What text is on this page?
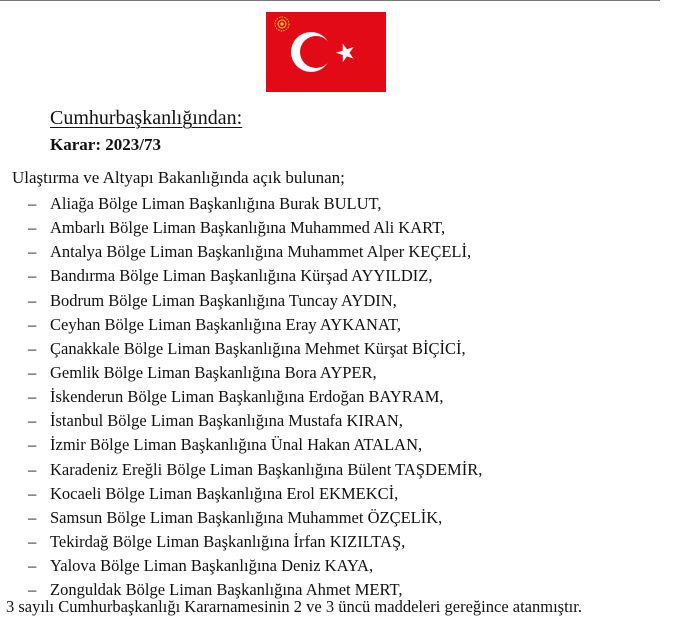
Cumhurbaşkanlığından:
Karar: 2023/73
Ulaştırma ve Altyapı Bakanlığında açık bulunan;
– Aliağa Bölge Liman Başkanlığına Burak BULUT,
– Ambarlı Bölge Liman Başkanlığına Muhammed Ali KART,
– Antalya Bölge Liman Başkanlığına Muhammet Alper KEÇELİ,
– Bandırma Bölge Liman Başkanlığına Kürşad AYYILDIZ,
– Bodrum Bölge Liman Başkanlığına Tuncay AYDIN,
– Ceyhan Bölge Liman Başkanlığına Eray AYKANAT,
– Çanakkale Bölge Liman Başkanlığına Mehmet Kürşat BİÇİCİ,
– Gemlik Bölge Liman Başkanlığına Bora AYPER,
– İskenderun Bölge Liman Başkanlığına Erdoğan BAYRAM,
– İstanbul Bölge Liman Başkanlığına Mustafa KIRAN,
– İzmir Bölge Liman Başkanlığına Ünal Hakan ATALAN,
– Karadeniz Ereğli Bölge Liman Başkanlığına Bülent TAŞDEMİR,
– Kocaeli Bölge Liman Başkanlığına Erol EKMEKCİ,
– Samsun Bölge Liman Başkanlığına Muhammet ÖZÇELİK,
– Tekirdağ Bölge Liman Başkanlığına İrfan KIZILTAŞ,
– Yalova Bölge Liman Başkanlığına Deniz KAYA,
– Zonguldak Bölge Liman Başkanlığına Ahmet MERT,
3 sayılı Cumhurbaşkanlığı Kararnamesinin 2 ve 3 üncü maddeleri gereğince atanmıştır.
